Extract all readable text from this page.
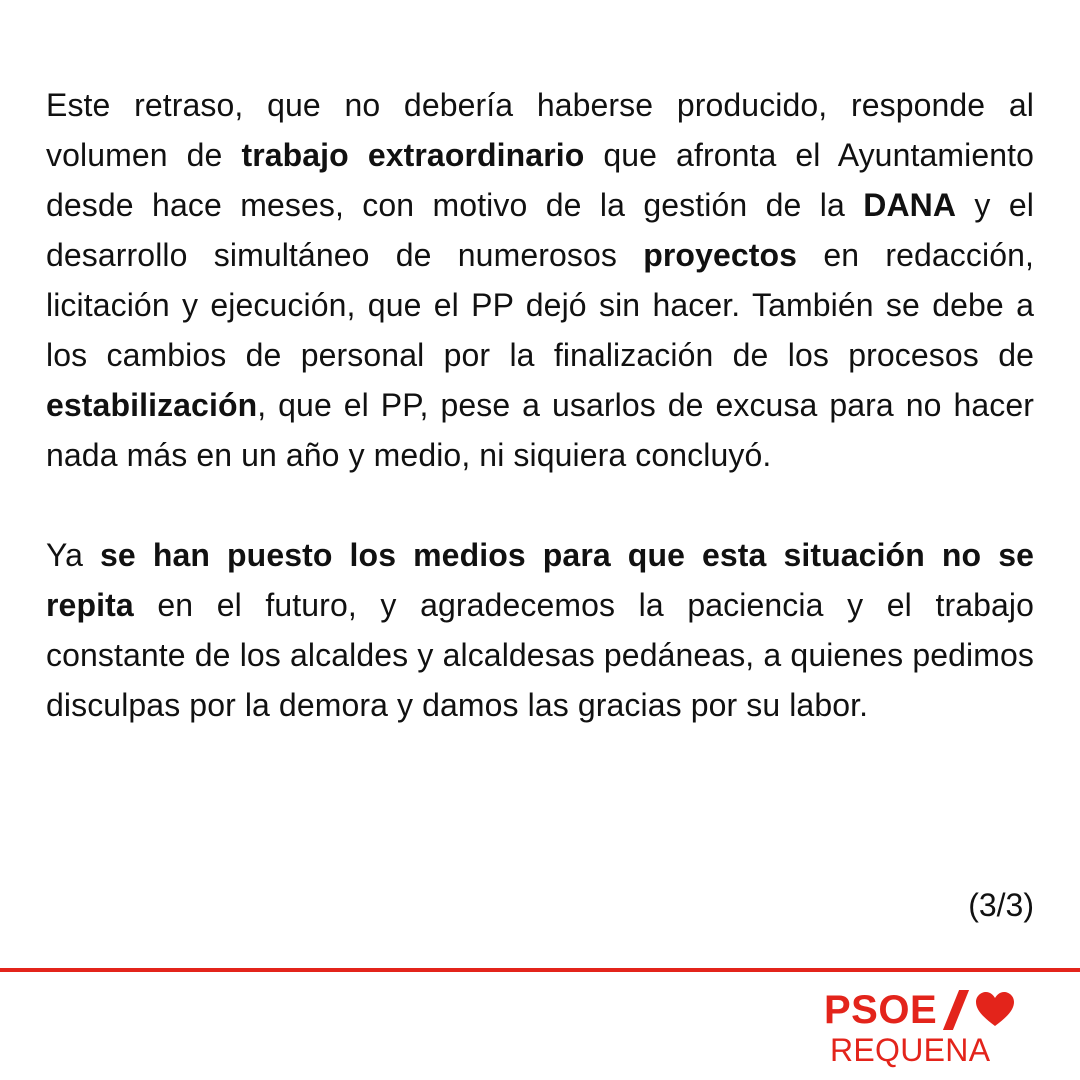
Este retraso, que no debería haberse producido, responde al volumen de trabajo extraordinario que afronta el Ayuntamiento desde hace meses, con motivo de la gestión de la DANA y el desarrollo simultáneo de numerosos proyectos en redacción, licitación y ejecución, que el PP dejó sin hacer. También se debe a los cambios de personal por la finalización de los procesos de estabilización, que el PP, pese a usarlos de excusa para no hacer nada más en un año y medio, ni siquiera concluyó.

Ya se han puesto los medios para que esta situación no se repita en el futuro, y agradecemos la paciencia y el trabajo constante de los alcaldes y alcaldesas pedáneas, a quienes pedimos disculpas por la demora y damos las gracias por su labor.

(3/3)
PSOE
REQUENA
